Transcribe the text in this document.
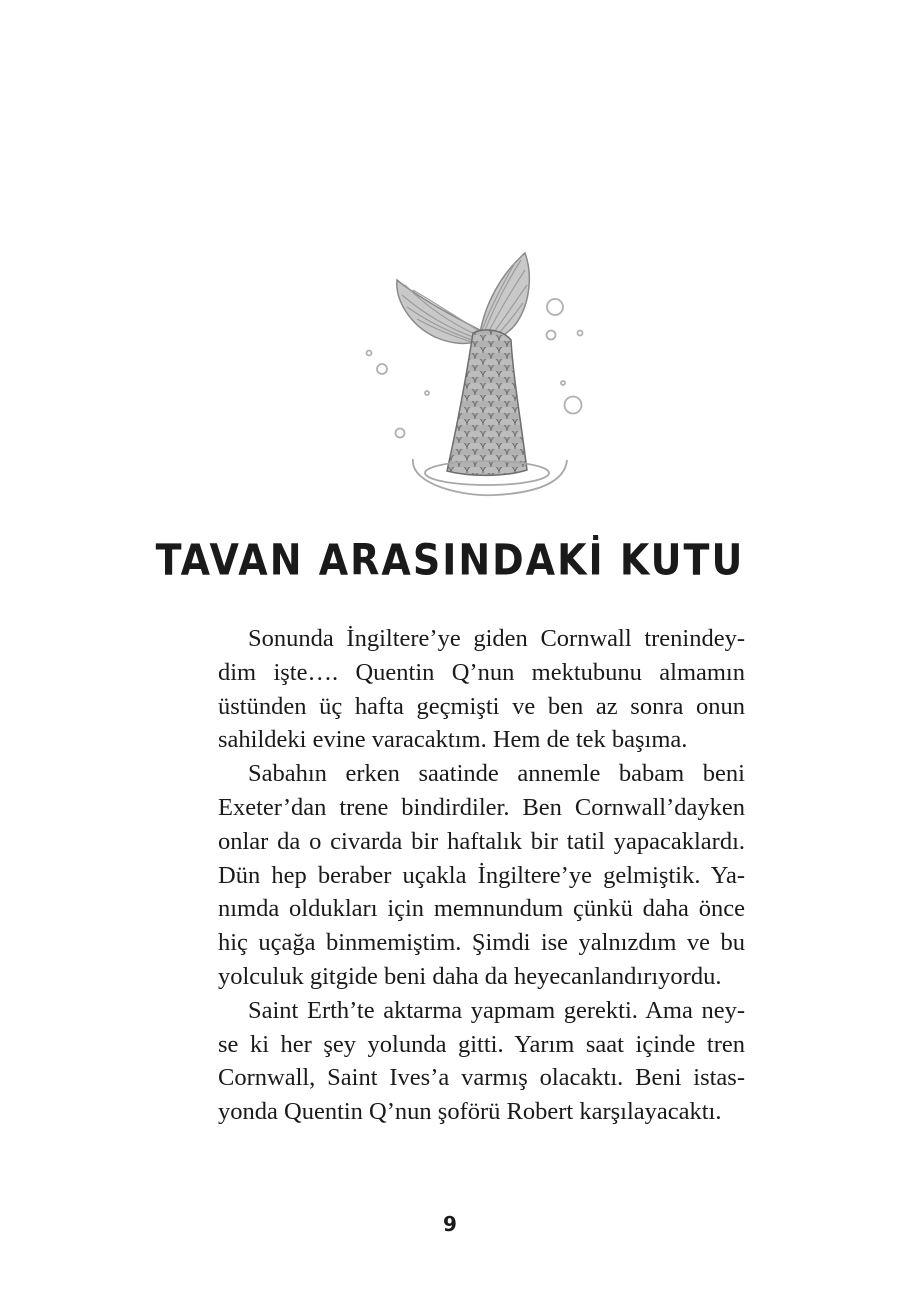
TAVAN ARASINDAKİ KUTU

Sonunda İngiltere’ye giden Cornwall trenindey-
dim işte…. Quentin Q’nun mektubunu almamın
üstünden üç hafta geçmişti ve ben az sonra onun
sahildeki evine varacaktım. Hem de tek başıma.

Sabahın erken saatinde annemle babam beni
Exeter’dan trene bindirdiler. Ben Cornwall’dayken
onlar da o civarda bir haftalık bir tatil yapacaklardı.
Dün hep beraber uçakla İngiltere’ye gelmiştik. Ya-
nımda oldukları için memnundum çünkü daha önce
hiç uçağa binmemiştim. Şimdi ise yalnızdım ve bu
yolculuk gitgide beni daha da heyecanlandırıyordu.

Saint Erth’te aktarma yapmam gerekti. Ama ney-
se ki her şey yolunda gitti. Yarım saat içinde tren
Cornwall, Saint Ives’a varmış olacaktı. Beni istas-
yonda Quentin Q’nun şoförü Robert karşılayacaktı.

9
